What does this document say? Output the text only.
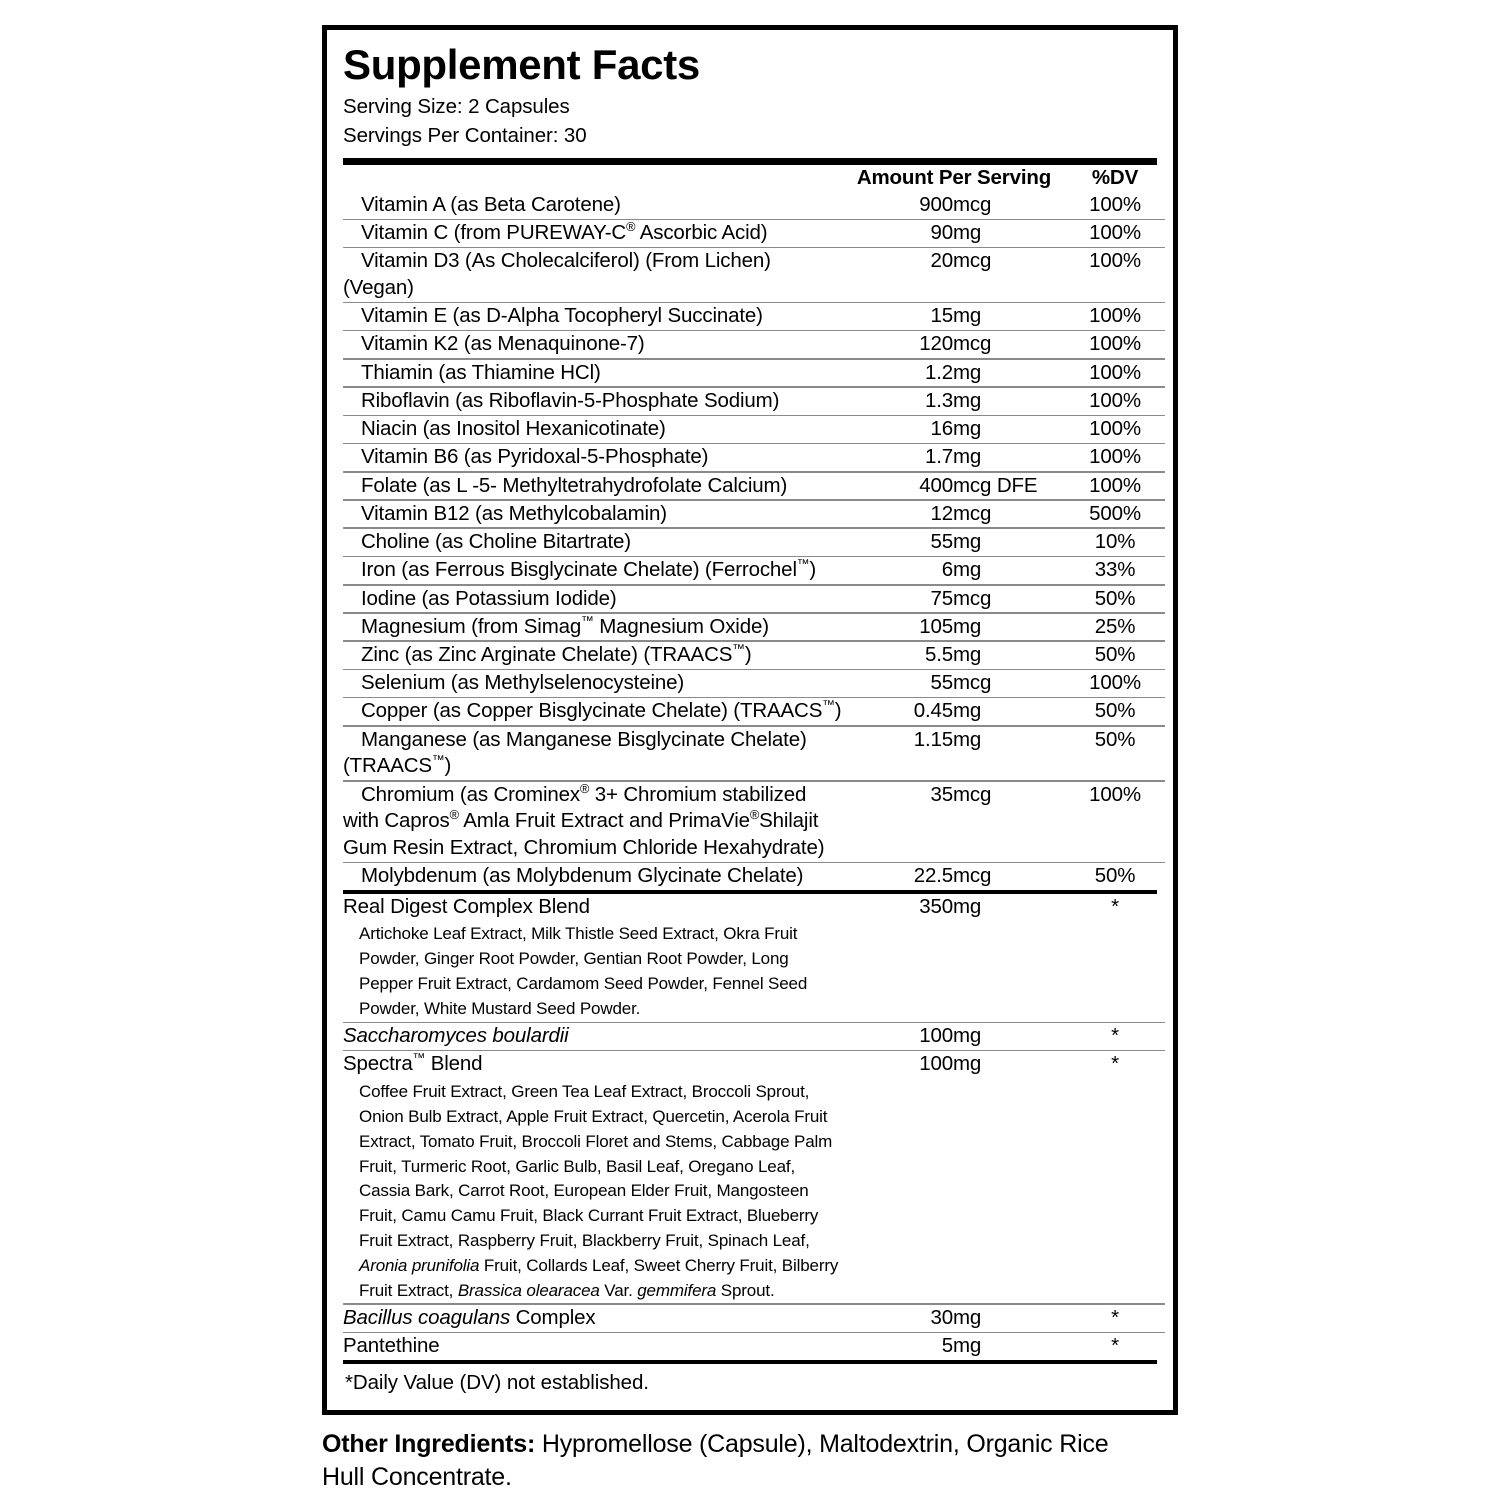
Supplement Facts
Serving Size: 2 Capsules
Servings Per Container: 30
	Amount Per Serving		%DV
Vitamin A (as Beta Carotene)	900	mcg	100%

Vitamin C (from PUREWAY-C® Ascorbic Acid)	90	mg	100%

Vitamin D3 (As Cholecalciferol) (From Lichen) (Vegan)	20	mcg	100%

Vitamin E (as D-Alpha Tocopheryl Succinate)	15	mg	100%

Vitamin K2 (as Menaquinone-7)	120	mcg	100%

Thiamin (as Thiamine HCl)	1.2	mg	100%

Riboflavin (as Riboflavin-5-Phosphate Sodium)	1.3	mg	100%

Niacin (as Inositol Hexanicotinate)	16	mg	100%

Vitamin B6 (as Pyridoxal-5-Phosphate)	1.7	mg	100%

Folate (as L -5- Methyltetrahydrofolate Calcium)	400	mcg DFE	100%

Vitamin B12 (as Methylcobalamin)	12	mcg	500%

Choline (as Choline Bitartrate)	55	mg	10%

Iron (as Ferrous Bisglycinate Chelate) (Ferrochel™)	6	mg	33%

Iodine (as Potassium Iodide)	75	mcg	50%

Magnesium (from Simag™ Magnesium Oxide)	105	mg	25%

Zinc (as Zinc Arginate Chelate) (TRAACS™)	5.5	mg	50%

Selenium (as Methylselenocysteine)	55	mcg	100%

Copper (as Copper Bisglycinate Chelate) (TRAACS™)	0.45	mg	50%

Manganese (as Manganese Bisglycinate Chelate) (TRAACS™)	1.15	mg	50%

Chromium (as Crominex® 3+ Chromium stabilized with Capros® Amla Fruit Extract and PrimaVie®Shilajit Gum Resin Extract, Chromium Chloride Hexahydrate)	35	mcg	100%

Molybdenum (as Molybdenum Glycinate Chelate)	22.5	mcg	50%
Real Digest Complex Blend
Artichoke Leaf Extract, Milk Thistle Seed Extract, Okra Fruit Powder, Ginger Root Powder, Gentian Root Powder, Long Pepper Fruit Extract, Cardamom Seed Powder, Fennel Seed Powder, White Mustard Seed Powder.	350	mg	*

Saccharomyces boulardii	100	mg	*

Spectra™ Blend
Coffee Fruit Extract, Green Tea Leaf Extract, Broccoli Sprout, Onion Bulb Extract, Apple Fruit Extract, Quercetin, Acerola Fruit Extract, Tomato Fruit, Broccoli Floret and Stems, Cabbage Palm Fruit, Turmeric Root, Garlic Bulb, Basil Leaf, Oregano Leaf, Cassia Bark, Carrot Root, European Elder Fruit, Mangosteen Fruit, Camu Camu Fruit, Black Currant Fruit Extract, Blueberry Fruit Extract, Raspberry Fruit, Blackberry Fruit, Spinach Leaf, Aronia prunifolia Fruit, Collards Leaf, Sweet Cherry Fruit, Bilberry Fruit Extract, Brassica olearacea Var. gemmifera Sprout.	100	mg	*

Bacillus coagulans Complex	30	mg	*

Pantethine	5	mg	*
*Daily Value (DV) not established.
Other Ingredients: Hypromellose (Capsule), Maltodextrin, Organic Rice Hull Concentrate.
